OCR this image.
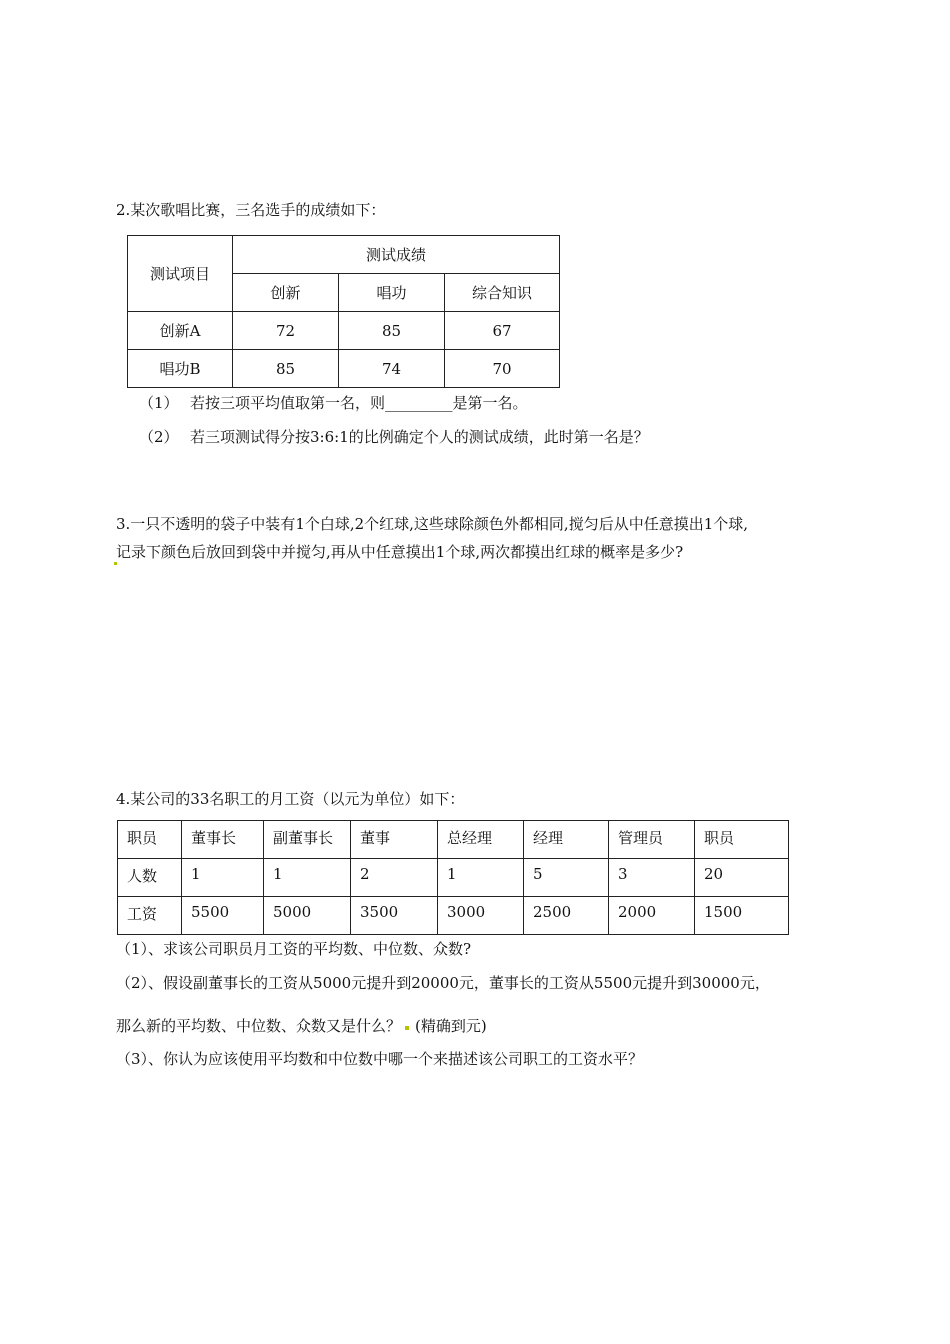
2.某次歌唱比赛，三名选手的成绩如下：
测试项目	测试成绩		
	创新	唱功	综合知识
创新A	72	85	67
唱功B	85	74	70
（1） 若按三项平均值取第一名，则_________是第一名。
（2） 若三项测试得分按3:6:1的比例确定个人的测试成绩，此时第一名是？
3.一只不透明的袋子中装有1个白球,2个红球,这些球除颜色外都相同,搅匀后从中任意摸出1个球,
记录下颜色后放回到袋中并搅匀,再从中任意摸出1个球,两次都摸出红球的概率是多少?
4.某公司的33名职工的月工资（以元为单位）如下：
职员	董事长	副董事长	董事	总经理	经理	管理员	职员
人数	1	1	2	1	5	3	20
工资	5500	5000	3500	3000	2500	2000	1500
（1）、求该公司职员月工资的平均数、中位数、众数?
（2）、假设副董事长的工资从5000元提升到20000元，董事长的工资从5500元提升到30000元，
那么新的平均数、中位数、众数又是什么？ (精确到元)
（3）、你认为应该使用平均数和中位数中哪一个来描述该公司职工的工资水平？
